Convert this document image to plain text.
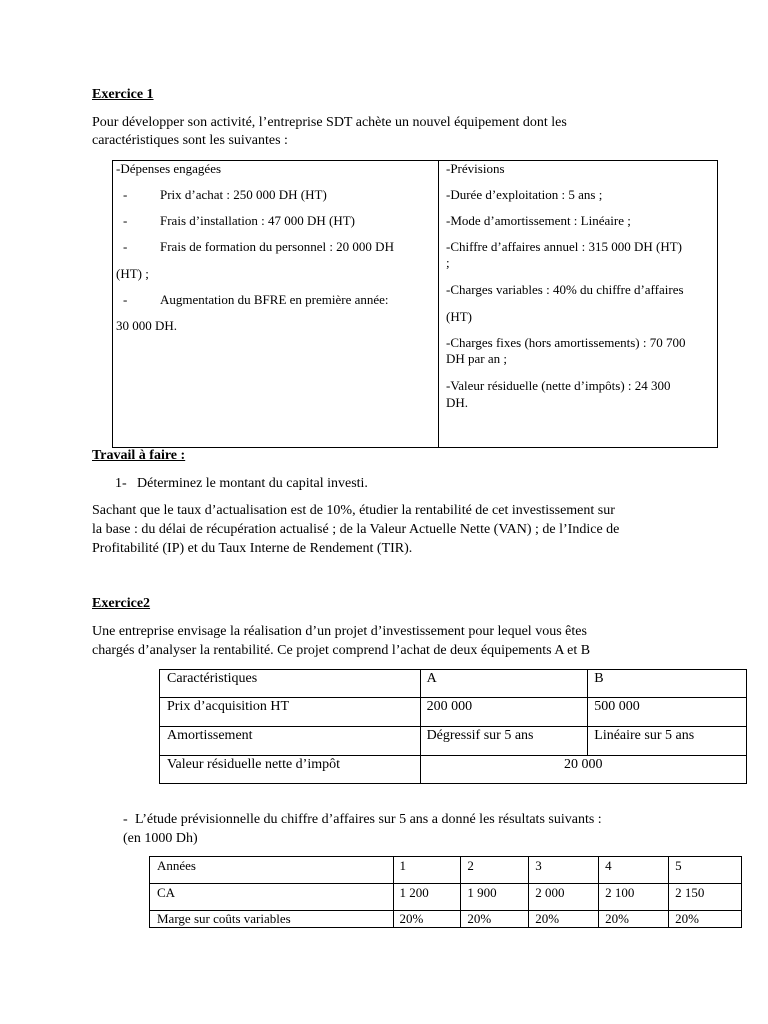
Exercice 1
Pour développer son activité, l’entreprise SDT achète un nouvel équipement dont les
caractéristiques sont les suivantes :
-Dépenses engagées
-	Prix d’achat : 250 000 DH (HT)
-	Frais d’installation : 47 000 DH (HT)
-	Frais de formation du personnel : 20 000 DH
(HT) ;
-	Augmentation du BFRE en première année:
30 000 DH.
-Prévisions
-Durée d’exploitation : 5 ans ;
-Mode d’amortissement : Linéaire ;
-Chiffre d’affaires annuel : 315 000 DH (HT)
;
-Charges variables : 40% du chiffre d’affaires
(HT)
-Charges fixes (hors amortissements) : 70 700
DH par an ;
-Valeur résiduelle (nette d’impôts) : 24 300
DH.
Travail à faire :
1- Déterminez le montant du capital investi.
Sachant que le taux d’actualisation est de 10%, étudier la rentabilité de cet investissement sur
la base : du délai de récupération actualisé ; de la Valeur Actuelle Nette (VAN) ; de l’Indice de
Profitabilité (IP) et du Taux Interne de Rendement (TIR).
Exercice2
Une entreprise envisage la réalisation d’un projet d’investissement pour lequel vous êtes
chargés d’analyser la rentabilité. Ce projet comprend l’achat de deux équipements A et B
Caractéristiques	A	B
Prix d’acquisition HT	200 000	500 000
Amortissement	Dégressif sur 5 ans	Linéaire sur 5 ans
Valeur résiduelle nette d’impôt	20 000	
- L’étude prévisionnelle du chiffre d’affaires sur 5 ans a donné les résultats suivants :
(en 1000 Dh)
Années	1	2	3	4	5
CA	1 200	1 900	2 000	2 100	2 150
Marge sur coûts variables	20%	20%	20%	20%	20%
